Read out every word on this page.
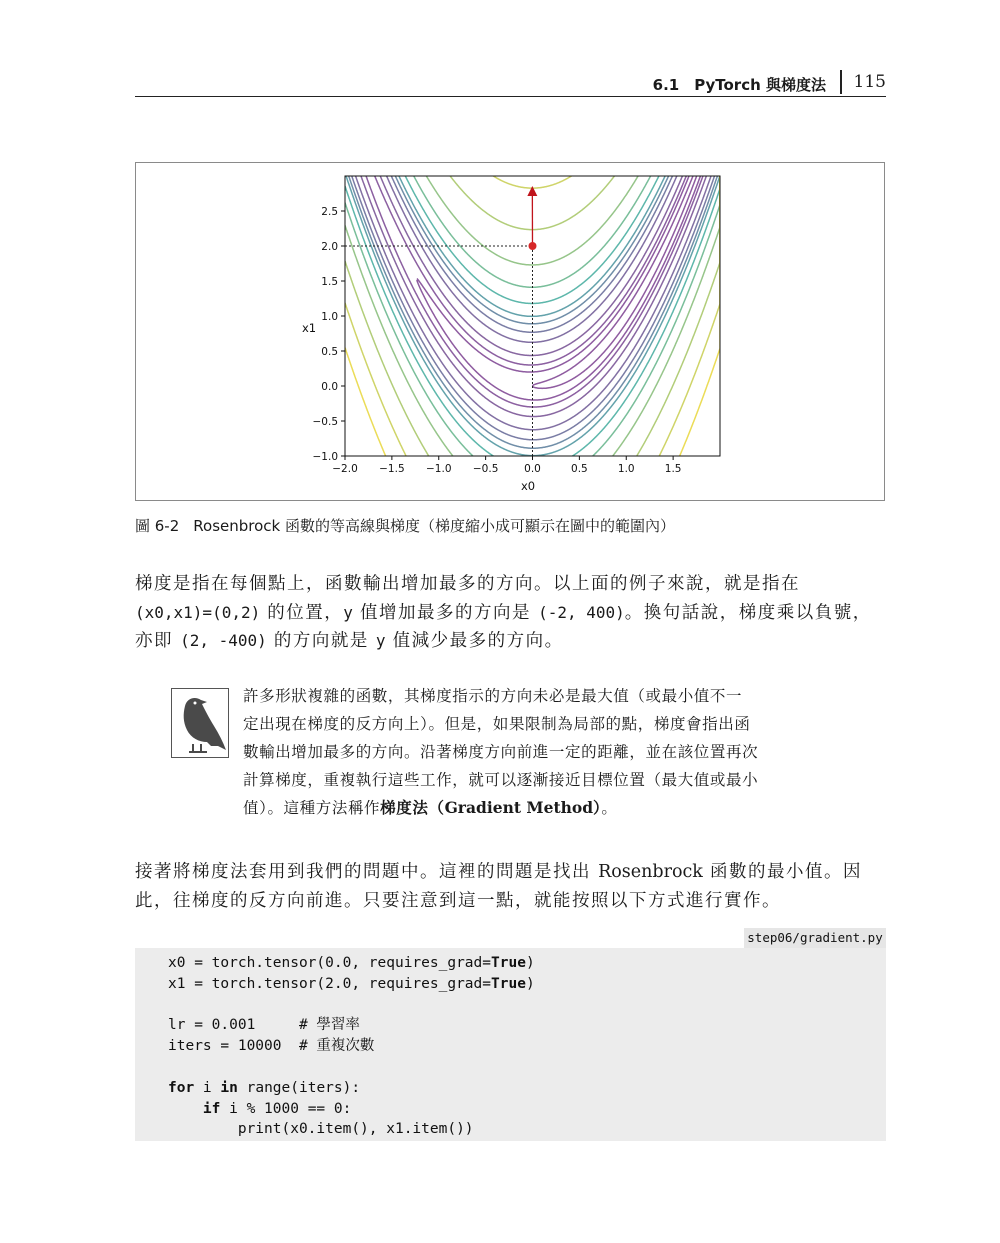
6.1　PyTorch 與梯度法 115
−2.0 −1.5 −1.0 −0.5 0.0	0.5	1.0	1.5
−1.0
−0.5
0.0
0.5
1.0
1.5
2.0
2.5
x0
x1
圖 6-2 Rosenbrock 函數的等高線與梯度（梯度縮小成可顯示在圖中的範圍內）
梯度是指在每個點上，函數輸出增加最多的方向。以上面的例子來說，就是指在
(x0,x1)=(0,2) 的位置，y 值增加最多的方向是 (-2, 400)。換句話說，梯度乘以負號，
亦即 (2, -400) 的方向就是 y 值減少最多的方向。
許多形狀複雜的函數，其梯度指示的方向未必是最大值（或最小值不一
定出現在梯度的反方向上）。但是，如果限制為局部的點，梯度會指出函
數輸出增加最多的方向。沿著梯度方向前進一定的距離，並在該位置再次
計算梯度，重複執行這些工作，就可以逐漸接近目標位置（最大值或最小
值）。這種方法稱作梯度法（Gradient Method）。
接著將梯度法套用到我們的問題中。這裡的問題是找出 Rosenbrock 函數的最小值。因
此，往梯度的反方向前進。只要注意到這一點，就能按照以下方式進行實作。
step06/gradient.py
x0 = torch.tensor(0.0, requires_grad=True)
x1 = torch.tensor(2.0, requires_grad=True)
lr = 0.001     # 學習率
iters = 10000  # 重複次數
for i in range(iters):
if i % 1000 == 0:
print(x0.item(), x1.item())
